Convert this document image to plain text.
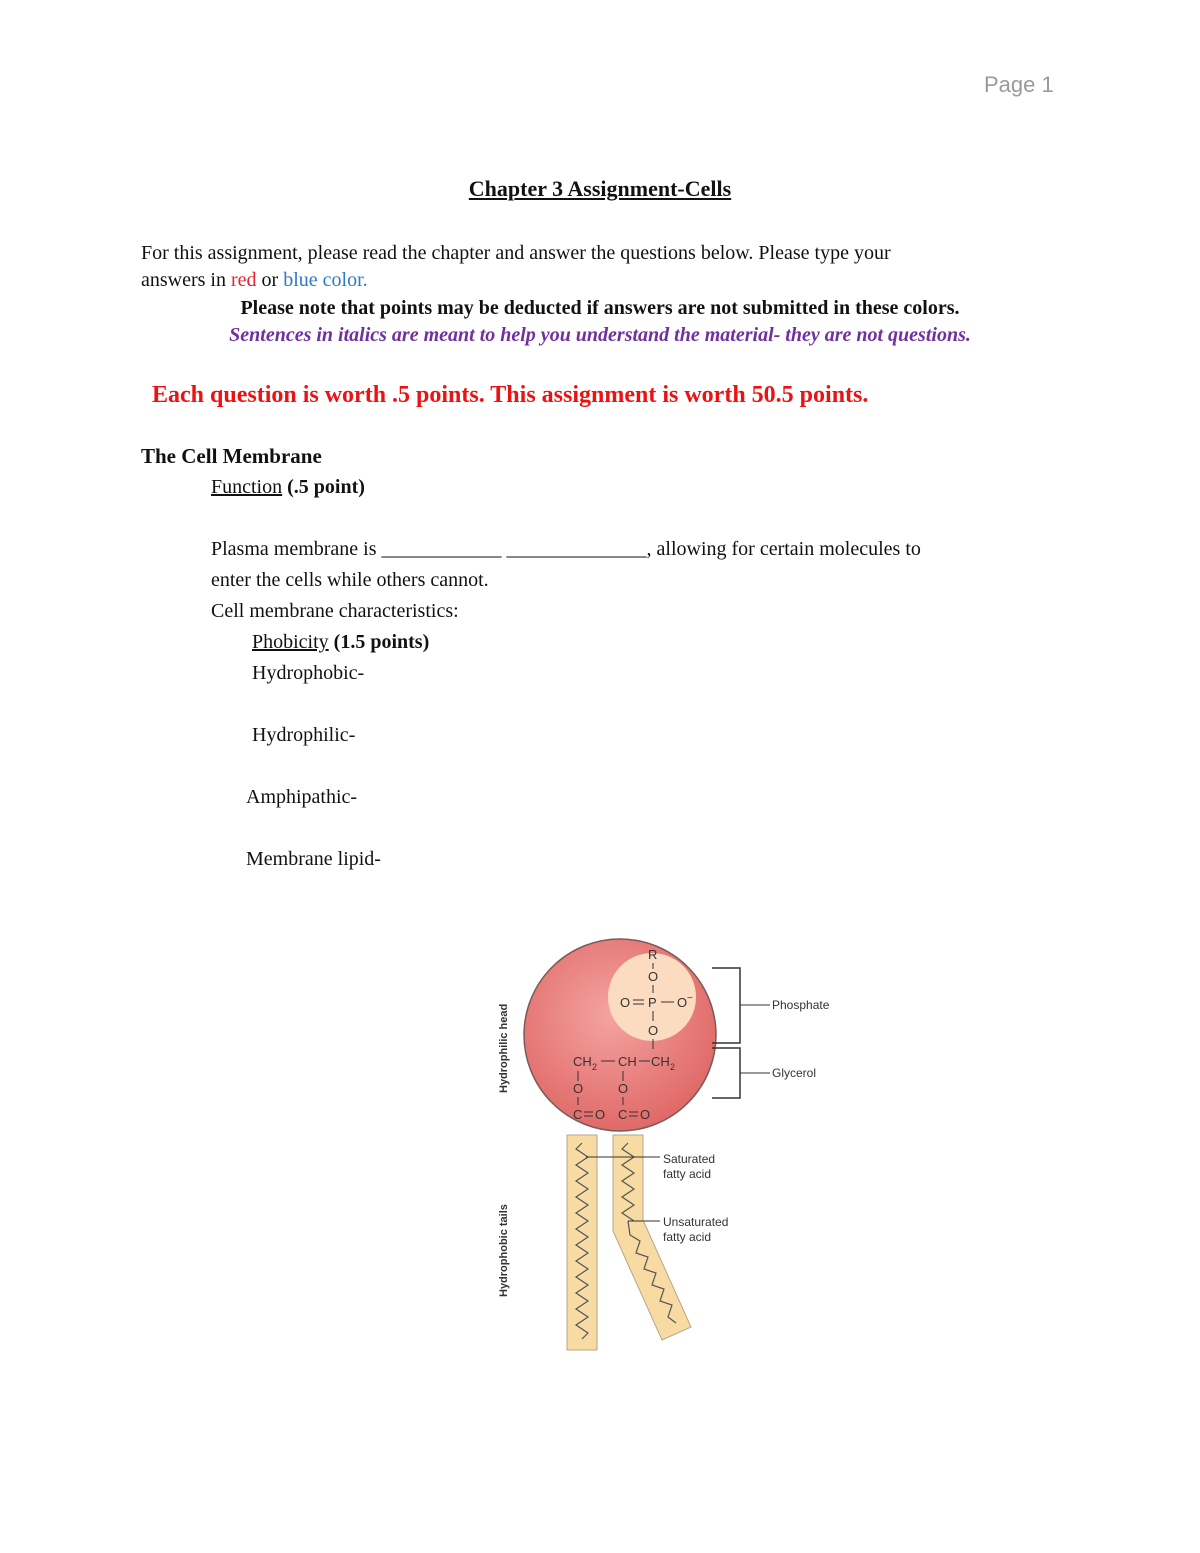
Page 1
Chapter 3 Assignment-Cells
For this assignment, please read the chapter and answer the questions below. Please type your
answers in red or blue color.
Please note that points may be deducted if answers are not submitted in these colors.
Sentences in italics are meant to help you understand the material- they are not questions.
Each question is worth .5 points. This assignment is worth 50.5 points.
The Cell Membrane
Function (.5 point)
Plasma membrane is ____________ ______________, allowing for certain molecules to
enter the cells while others cannot.
Cell membrane characteristics:
Phobicity (1.5 points)
Hydrophobic-
Hydrophilic-
Amphipathic-
Membrane lipid-
Hydrophilic head
Hydrophobic tails
R
O
O P O −
O
CH 2 CH CH 2
O
C O
O
C O
Phosphate
Glycerol
Saturated
fatty acid
Unsaturated
fatty acid
